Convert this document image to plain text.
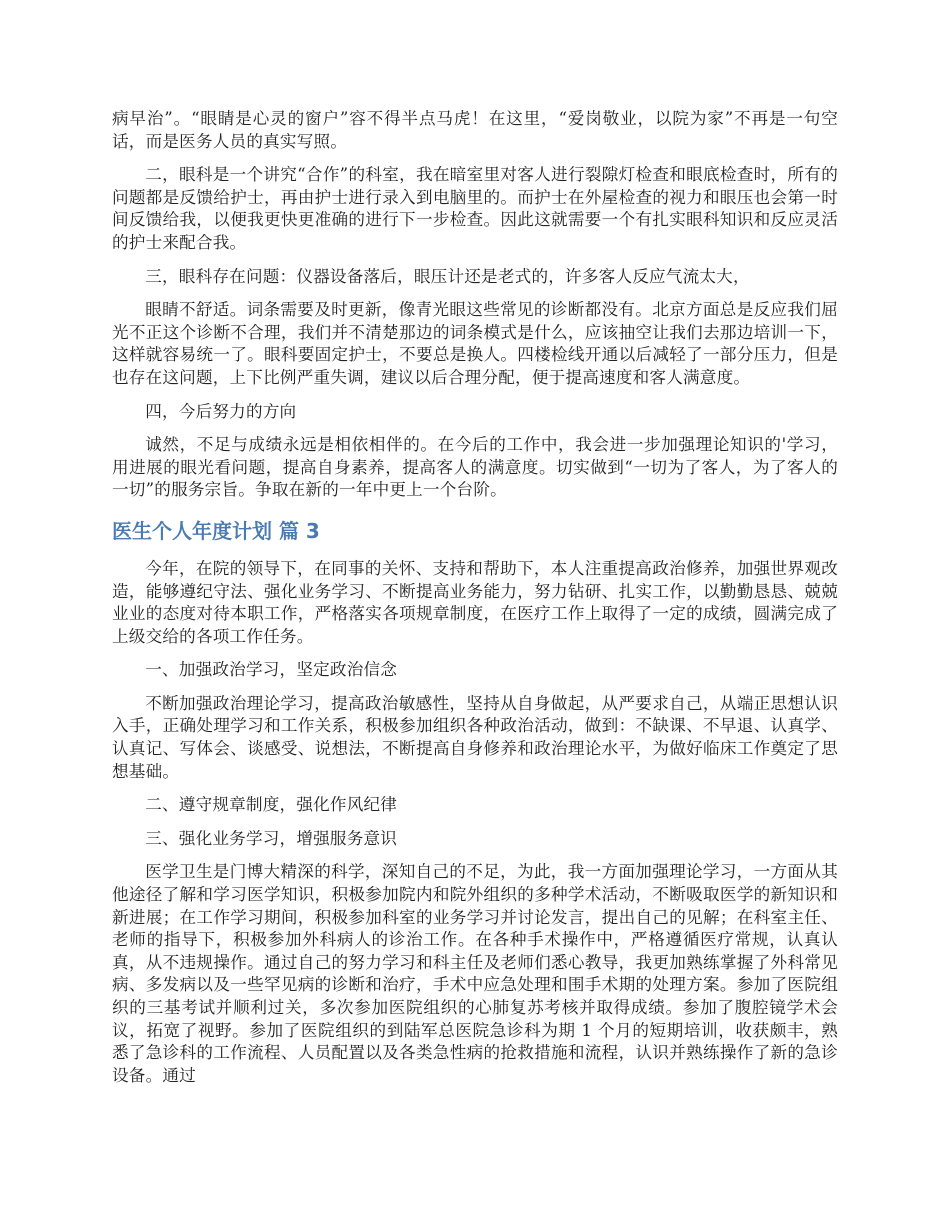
病早治”。“眼睛是心灵的窗户”容不得半点马虎！在这里，“爱岗敬业，以院为家”不再是一句空话，而是医务人员的真实写照。

二，眼科是一个讲究“合作”的科室，我在暗室里对客人进行裂隙灯检查和眼底检查时，所有的问题都是反馈给护士，再由护士进行录入到电脑里的。而护士在外屋检查的视力和眼压也会第一时间反馈给我，以便我更快更准确的进行下一步检查。因此这就需要一个有扎实眼科知识和反应灵活的护士来配合我。

三，眼科存在问题：仪器设备落后，眼压计还是老式的，许多客人反应气流太大，

眼睛不舒适。词条需要及时更新，像青光眼这些常见的诊断都没有。北京方面总是反应我们屈光不正这个诊断不合理，我们并不清楚那边的词条模式是什么，应该抽空让我们去那边培训一下，这样就容易统一了。眼科要固定护士，不要总是换人。四楼检线开通以后减轻了一部分压力，但是也存在这问题，上下比例严重失调，建议以后合理分配，便于提高速度和客人满意度。

四，今后努力的方向

诚然，不足与成绩永远是相依相伴的。在今后的工作中，我会进一步加强理论知识的'学习，用进展的眼光看问题，提高自身素养，提高客人的满意度。切实做到“一切为了客人，为了客人的一切”的服务宗旨。争取在新的一年中更上一个台阶。

医生个人年度计划 篇 3

今年，在院的领导下，在同事的关怀、支持和帮助下，本人注重提高政治修养，加强世界观改造，能够遵纪守法、强化业务学习、不断提高业务能力，努力钻研、扎实工作，以勤勤恳恳、兢兢业业的态度对待本职工作，严格落实各项规章制度，在医疗工作上取得了一定的成绩，圆满完成了上级交给的各项工作任务。

一、加强政治学习，坚定政治信念

不断加强政治理论学习，提高政治敏感性，坚持从自身做起，从严要求自己，从端正思想认识入手，正确处理学习和工作关系，积极参加组织各种政治活动，做到：不缺课、不早退、认真学、认真记、写体会、谈感受、说想法，不断提高自身修养和政治理论水平，为做好临床工作奠定了思想基础。

二、遵守规章制度，强化作风纪律

三、强化业务学习，增强服务意识

医学卫生是门博大精深的科学，深知自己的不足，为此，我一方面加强理论学习，一方面从其他途径了解和学习医学知识，积极参加院内和院外组织的多种学术活动，不断吸取医学的新知识和新进展；在工作学习期间，积极参加科室的业务学习并讨论发言，提出自己的见解；在科室主任、老师的指导下，积极参加外科病人的诊治工作。在各种手术操作中，严格遵循医疗常规，认真认真，从不违规操作。通过自己的努力学习和科主任及老师们悉心教导，我更加熟练掌握了外科常见病、多发病以及一些罕见病的诊断和治疗，手术中应急处理和围手术期的处理方案。参加了医院组织的三基考试并顺利过关，多次参加医院组织的心肺复苏考核并取得成绩。参加了腹腔镜学术会议，拓宽了视野。参加了医院组织的到陆军总医院急诊科为期 1 个月的短期培训，收获颇丰，熟悉了急诊科的工作流程、人员配置以及各类急性病的抢救措施和流程，认识并熟练操作了新的急诊设备。通过
